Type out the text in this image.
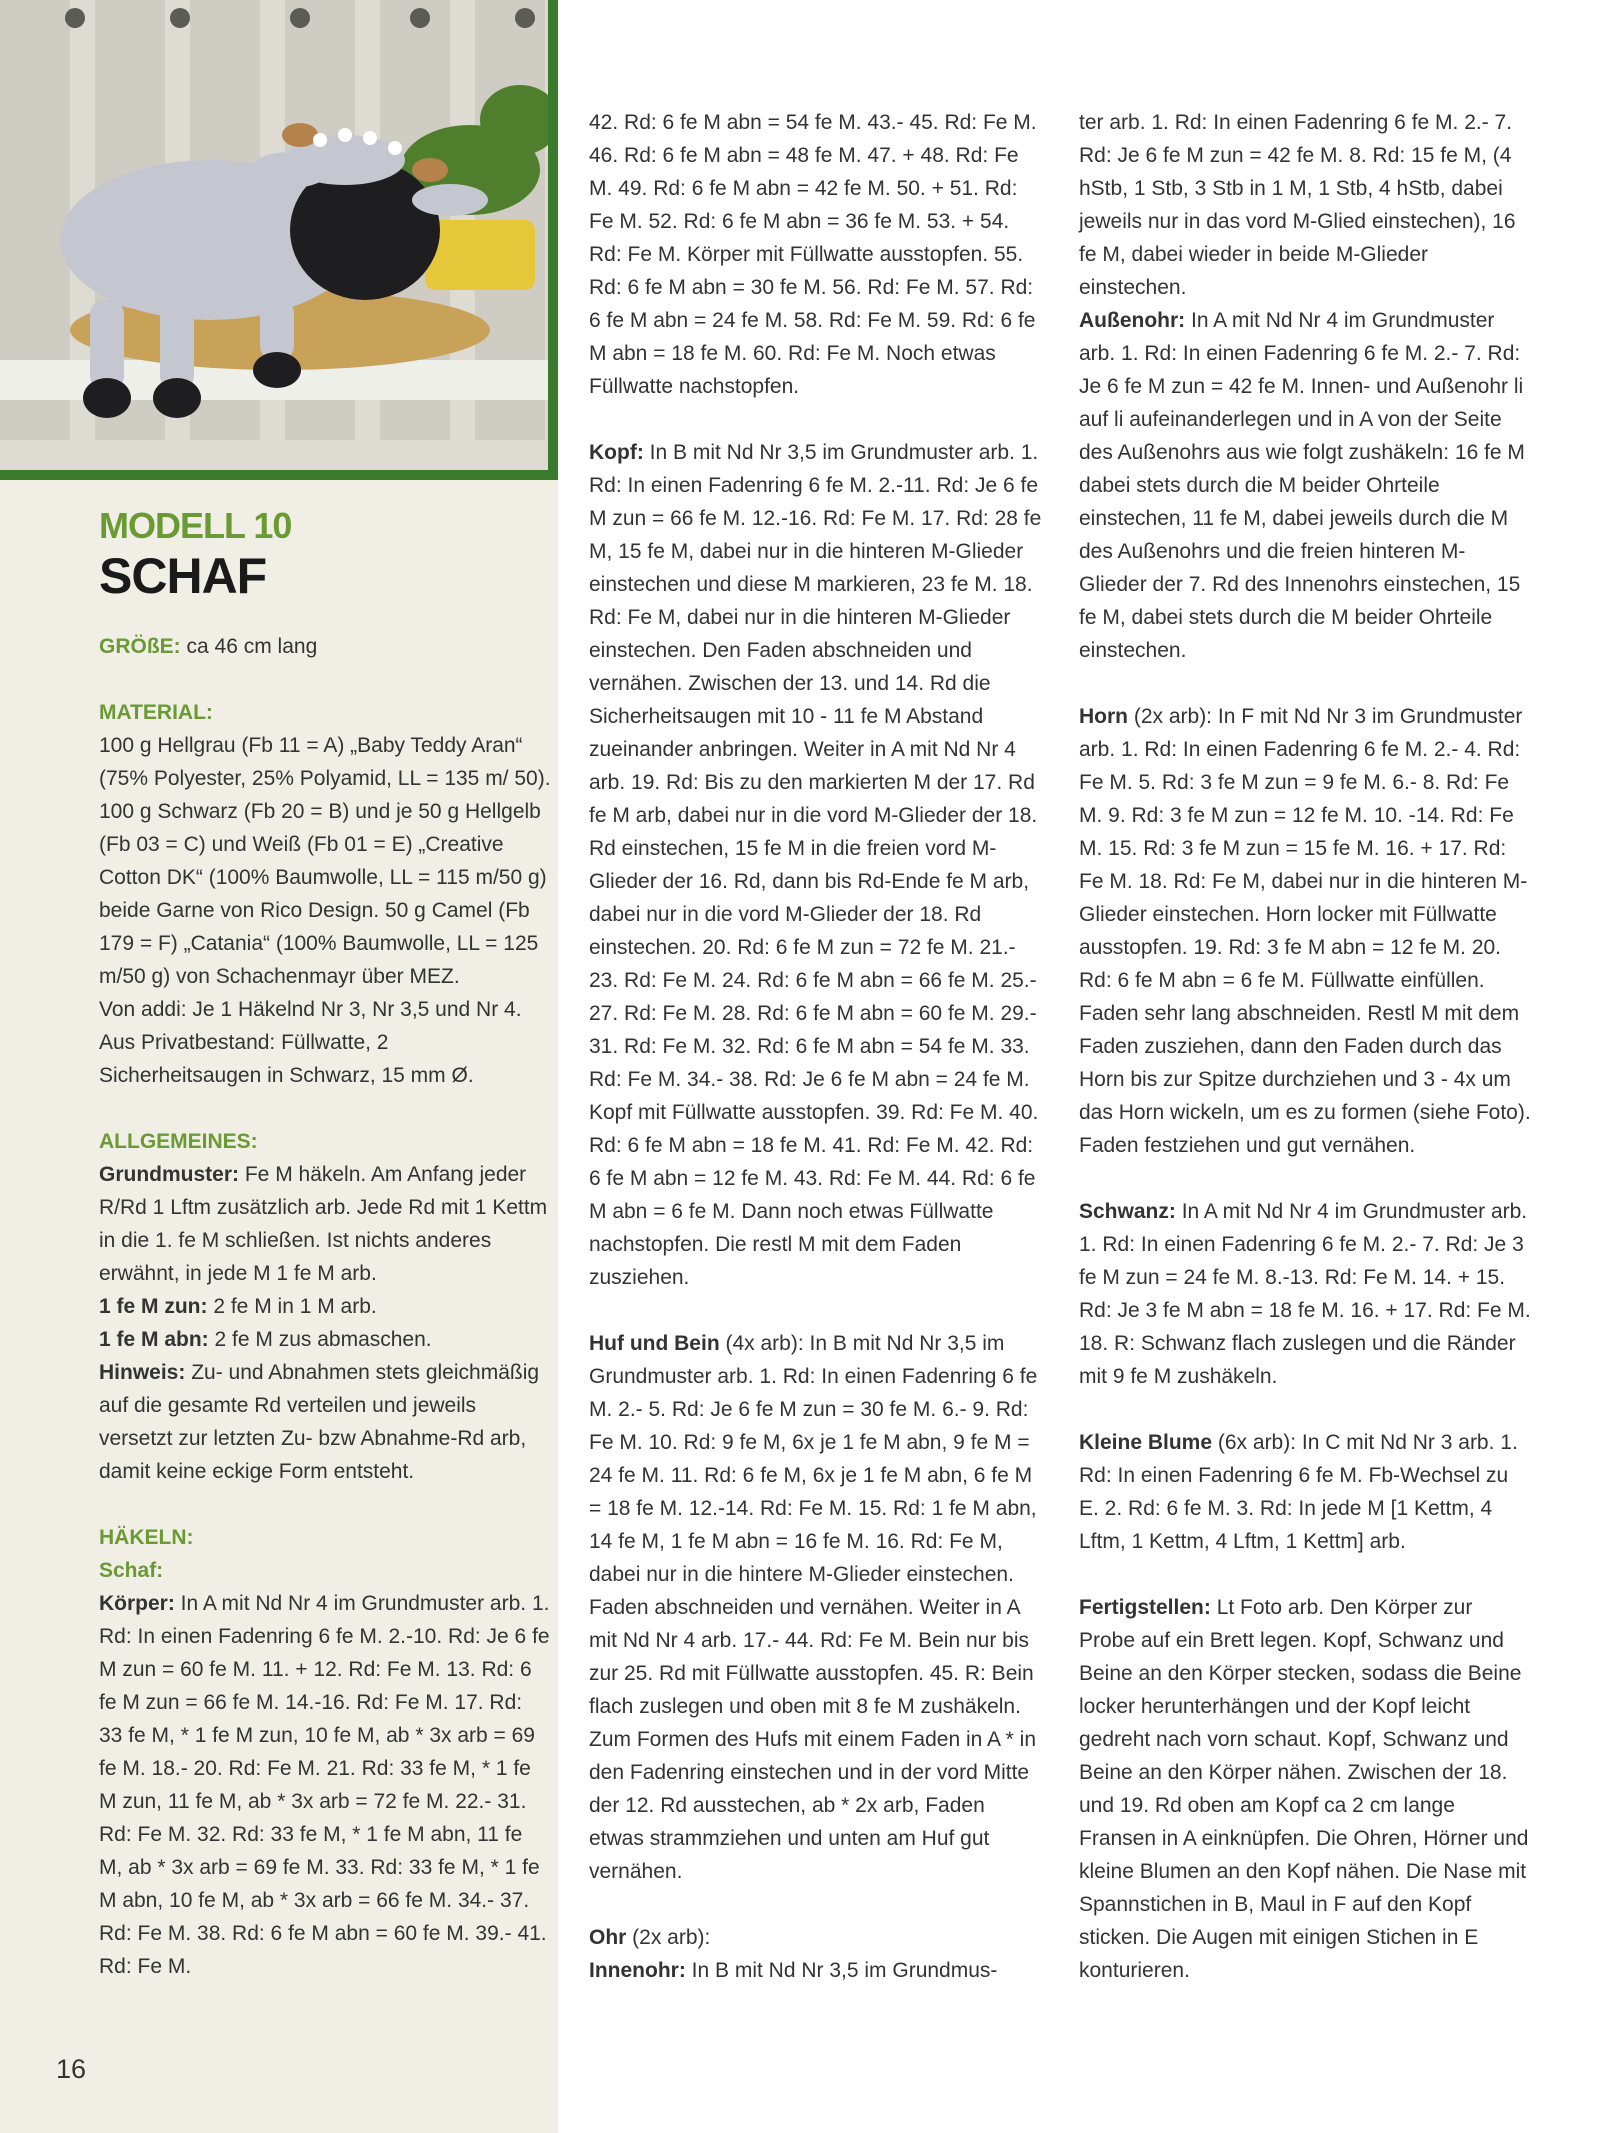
MODELL 10
SCHAF

GRÖßE: ca 46 cm lang

MATERIAL:
100 g Hellgrau (Fb 11 = A) „Baby Teddy Aran“ (75% Polyester, 25% Polyamid, LL = 135 m/ 50). 100 g Schwarz (Fb 20 = B) und je 50 g Hellgelb (Fb 03 = C) und Weiß (Fb 01 = E) „Creative Cotton DK“ (100% Baumwolle, LL = 115 m/50 g) beide Garne von Rico Design. 50 g Camel (Fb 179 = F) „Catania“ (100% Baumwolle, LL = 125 m/50 g) von Schachenmayr über MEZ.

Von addi: Je 1 Häkelnd Nr 3, Nr 3,5 und Nr 4. Aus Privatbestand: Füllwatte, 2 Sicherheitsaugen in Schwarz, 15 mm Ø.

ALLGEMEINES:
Grundmuster: Fe M häkeln. Am Anfang jeder R/Rd 1 Lftm zusätzlich arb. Jede Rd mit 1 Kettm in die 1. fe M schließen. Ist nichts anderes erwähnt, in jede M 1 fe M arb.
1 fe M zun: 2 fe M in 1 M arb.
1 fe M abn: 2 fe M zus abmaschen.

Hinweis: Zu- und Abnahmen stets gleichmäßig auf die gesamte Rd verteilen und jeweils versetzt zur letzten Zu- bzw Abnahme-Rd arb, damit keine eckige Form entsteht.

HÄKELN:
Schaf:
Körper: In A mit Nd Nr 4 im Grundmuster arb. 1. Rd: In einen Fadenring 6 fe M. 2.-10. Rd: Je 6 fe M zun = 60 fe M. 11. + 12. Rd: Fe M. 13. Rd: 6 fe M zun = 66 fe M. 14.-16. Rd: Fe M. 17. Rd: 33 fe M, * 1 fe M zun, 10 fe M, ab * 3x arb = 69 fe M. 18.- 20. Rd: Fe M. 21. Rd: 33 fe M, * 1 fe M zun, 11 fe M, ab * 3x arb = 72 fe M. 22.- 31. Rd: Fe M. 32. Rd: 33 fe M, * 1 fe M abn, 11 fe M, ab * 3x arb = 69 fe M. 33. Rd: 33 fe M, * 1 fe M abn, 10 fe M, ab * 3x arb = 66 fe M. 34.- 37. Rd: Fe M. 38. Rd: 6 fe M abn = 60 fe M. 39.- 41. Rd: Fe M.

42. Rd: 6 fe M abn = 54 fe M. 43.- 45. Rd: Fe M. 46. Rd: 6 fe M abn = 48 fe M. 47. + 48. Rd: Fe M. 49. Rd: 6 fe M abn = 42 fe M. 50. + 51. Rd: Fe M. 52. Rd: 6 fe M abn = 36 fe M. 53. + 54. Rd: Fe M. Körper mit Füllwatte ausstopfen. 55. Rd: 6 fe M abn = 30 fe M. 56. Rd: Fe M. 57. Rd: 6 fe M abn = 24 fe M. 58. Rd: Fe M. 59. Rd: 6 fe M abn = 18 fe M. 60. Rd: Fe M. Noch etwas Füllwatte nachstopfen.

Kopf: In B mit Nd Nr 3,5 im Grundmuster arb. 1. Rd: In einen Fadenring 6 fe M. 2.-11. Rd: Je 6 fe M zun = 66 fe M. 12.-16. Rd: Fe M. 17. Rd: 28 fe M, 15 fe M, dabei nur in die hinteren M-Glieder einstechen und diese M markieren, 23 fe M. 18. Rd: Fe M, dabei nur in die hinteren M-Glieder einstechen. Den Faden abschneiden und vernähen. Zwischen der 13. und 14. Rd die Sicherheitsaugen mit 10 - 11 fe M Abstand zueinander anbringen. Weiter in A mit Nd Nr 4 arb. 19. Rd: Bis zu den markierten M der 17. Rd fe M arb, dabei nur in die vord M-Glieder der 18. Rd einstechen, 15 fe M in die freien vord M-Glieder der 16. Rd, dann bis Rd-Ende fe M arb, dabei nur in die vord M-Glieder der 18. Rd einstechen. 20. Rd: 6 fe M zun = 72 fe M. 21.- 23. Rd: Fe M. 24. Rd: 6 fe M abn = 66 fe M. 25.- 27. Rd: Fe M. 28. Rd: 6 fe M abn = 60 fe M. 29.- 31. Rd: Fe M. 32. Rd: 6 fe M abn = 54 fe M. 33. Rd: Fe M. 34.- 38. Rd: Je 6 fe M abn = 24 fe M. Kopf mit Füllwatte ausstopfen. 39. Rd: Fe M. 40. Rd: 6 fe M abn = 18 fe M. 41. Rd: Fe M. 42. Rd: 6 fe M abn = 12 fe M. 43. Rd: Fe M. 44. Rd: 6 fe M abn = 6 fe M. Dann noch etwas Füllwatte nachstopfen. Die restl M mit dem Faden zusziehen.

Huf und Bein (4x arb): In B mit Nd Nr 3,5 im Grundmuster arb. 1. Rd: In einen Fadenring 6 fe M. 2.- 5. Rd: Je 6 fe M zun = 30 fe M. 6.- 9. Rd: Fe M. 10. Rd: 9 fe M, 6x je 1 fe M abn, 9 fe M = 24 fe M. 11. Rd: 6 fe M, 6x je 1 fe M abn, 6 fe M = 18 fe M. 12.-14. Rd: Fe M. 15. Rd: 1 fe M abn, 14 fe M, 1 fe M abn = 16 fe M. 16. Rd: Fe M, dabei nur in die hintere M-Glieder einstechen. Faden abschneiden und vernähen. Weiter in A mit Nd Nr 4 arb. 17.- 44. Rd: Fe M. Bein nur bis zur 25. Rd mit Füllwatte ausstopfen. 45. R: Bein flach zuslegen und oben mit 8 fe M zushäkeln. Zum Formen des Hufs mit einem Faden in A * in den Fadenring einstechen und in der vord Mitte der 12. Rd ausstechen, ab * 2x arb, Faden etwas strammziehen und unten am Huf gut vernähen.

Ohr (2x arb):
Innenohr: In B mit Nd Nr 3,5 im Grundmus-
ter arb. 1. Rd: In einen Fadenring 6 fe M. 2.- 7. Rd: Je 6 fe M zun = 42 fe M. 8. Rd: 15 fe M, (4 hStb, 1 Stb, 3 Stb in 1 M, 1 Stb, 4 hStb, dabei jeweils nur in das vord M-Glied einstechen), 16 fe M, dabei wieder in beide M-Glieder einstechen.

Außenohr: In A mit Nd Nr 4 im Grundmuster arb. 1. Rd: In einen Fadenring 6 fe M. 2.- 7. Rd: Je 6 fe M zun = 42 fe M. Innen- und Außenohr li auf li aufeinanderlegen und in A von der Seite des Außenohrs aus wie folgt zushäkeln: 16 fe M dabei stets durch die M beider Ohrteile einstechen, 11 fe M, dabei jeweils durch die M des Außenohrs und die freien hinteren M-Glieder der 7. Rd des Innenohrs einstechen, 15 fe M, dabei stets durch die M beider Ohrteile einstechen.

Horn (2x arb): In F mit Nd Nr 3 im Grundmuster arb. 1. Rd: In einen Fadenring 6 fe M. 2.- 4. Rd: Fe M. 5. Rd: 3 fe M zun = 9 fe M. 6.- 8. Rd: Fe M. 9. Rd: 3 fe M zun = 12 fe M. 10. -14. Rd: Fe M. 15. Rd: 3 fe M zun = 15 fe M. 16. + 17. Rd: Fe M. 18. Rd: Fe M, dabei nur in die hinteren M-Glieder einstechen. Horn locker mit Füllwatte ausstopfen. 19. Rd: 3 fe M abn = 12 fe M. 20. Rd: 6 fe M abn = 6 fe M. Füllwatte einfüllen. Faden sehr lang abschneiden. Restl M mit dem Faden zusziehen, dann den Faden durch das Horn bis zur Spitze durchziehen und 3 - 4x um das Horn wickeln, um es zu formen (siehe Foto). Faden festziehen und gut vernähen.

Schwanz: In A mit Nd Nr 4 im Grundmuster arb. 1. Rd: In einen Fadenring 6 fe M. 2.- 7. Rd: Je 3 fe M zun = 24 fe M. 8.-13. Rd: Fe M. 14. + 15. Rd: Je 3 fe M abn = 18 fe M. 16. + 17. Rd: Fe M. 18. R: Schwanz flach zuslegen und die Ränder mit 9 fe M zushäkeln.

Kleine Blume (6x arb): In C mit Nd Nr 3 arb. 1. Rd: In einen Fadenring 6 fe M. Fb-Wechsel zu E. 2. Rd: 6 fe M. 3. Rd: In jede M [1 Kettm, 4 Lftm, 1 Kettm, 4 Lftm, 1 Kettm] arb.

Fertigstellen: Lt Foto arb. Den Körper zur Probe auf ein Brett legen. Kopf, Schwanz und Beine an den Körper stecken, sodass die Beine locker herunterhängen und der Kopf leicht gedreht nach vorn schaut. Kopf, Schwanz und Beine an den Körper nähen. Zwischen der 18. und 19. Rd oben am Kopf ca 2 cm lange Fransen in A einknüpfen. Die Ohren, Hörner und kleine Blumen an den Kopf nähen. Die Nase mit Spannstichen in B, Maul in F auf den Kopf sticken. Die Augen mit einigen Stichen in E konturieren.

16
